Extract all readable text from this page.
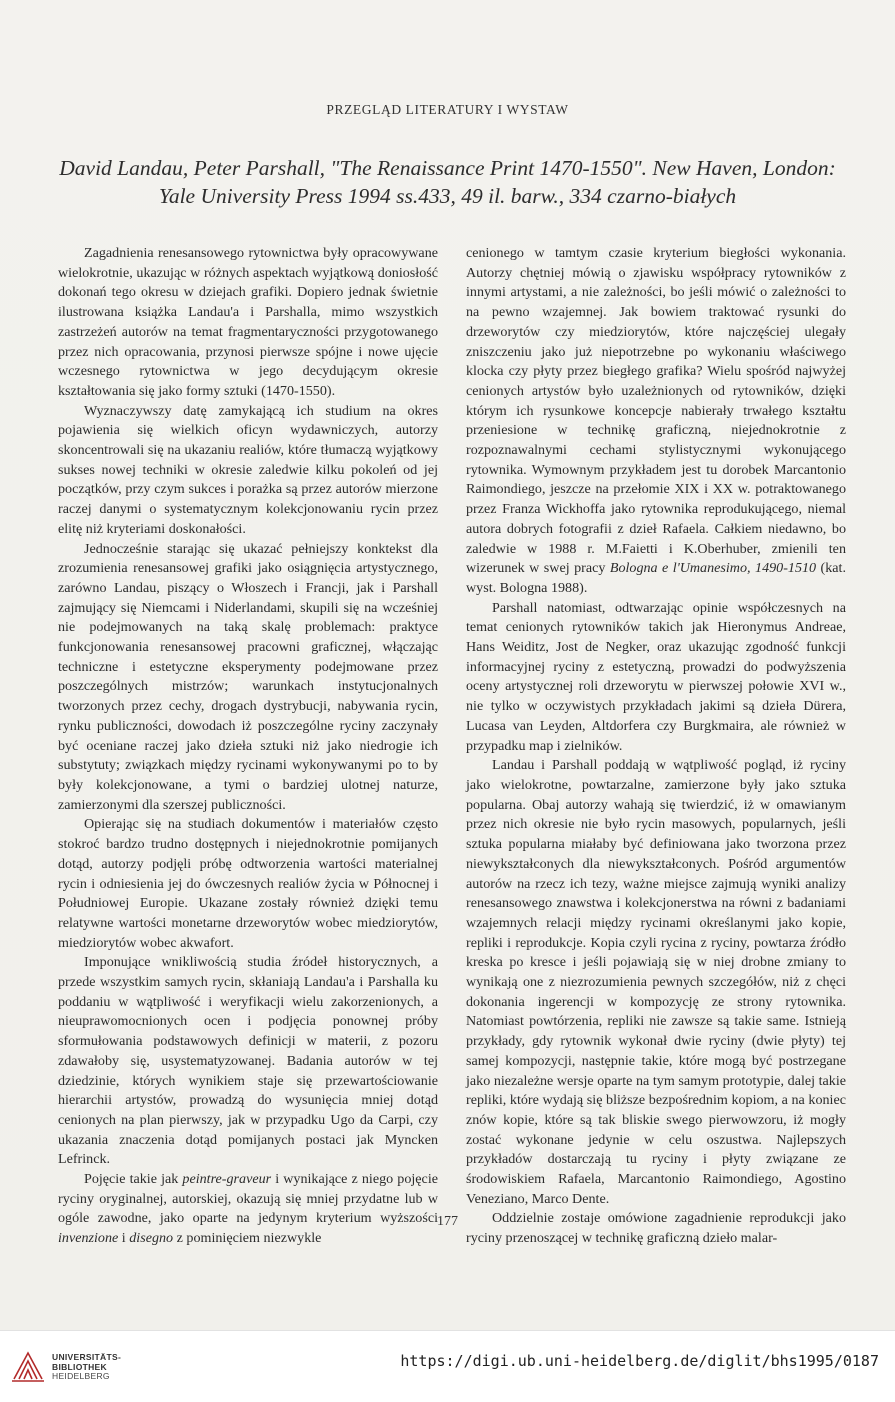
PRZEGLĄD LITERATURY I WYSTAW
David Landau, Peter Parshall, "The Renaissance Print 1470-1550". New Haven, London:
Yale University Press 1994 ss.433, 49 il. barw., 334 czarno-białych

Zagadnienia renesansowego rytownictwa były opracowywane wielokrotnie, ukazując w różnych aspektach wyjątkową doniosłość dokonań tego okresu w dziejach grafiki. Dopiero jednak świetnie ilustrowana książka Landau'a i Parshalla, mimo wszystkich zastrzeżeń autorów na temat fragmentaryczności przygotowanego przez nich opracowania, przynosi pierwsze spójne i nowe ujęcie wczesnego rytownictwa w jego decydującym okresie kształtowania się jako formy sztuki (1470-1550).

Wyznaczywszy datę zamykającą ich studium na okres pojawienia się wielkich oficyn wydawniczych, autorzy skoncentrowali się na ukazaniu realiów, które tłumaczą wyjątkowy sukses nowej techniki w okresie zaledwie kilku pokoleń od jej początków, przy czym sukces i porażka są przez autorów mierzone raczej danymi o systematycznym kolekcjonowaniu rycin przez elitę niż kryteriami doskonałości.

Jednocześnie starając się ukazać pełniejszy konktekst dla zrozumienia renesansowej grafiki jako osiągnięcia artystycznego, zarówno Landau, piszący o Włoszech i Francji, jak i Parshall zajmujący się Niemcami i Niderlandami, skupili się na wcześniej nie podejmowanych na taką skalę problemach: praktyce funkcjonowania renesansowej pracowni graficznej, włączając techniczne i estetyczne eksperymenty podejmowane przez poszczególnych mistrzów; warunkach instytucjonalnych tworzonych przez cechy, drogach dystrybucji, nabywania rycin, rynku publiczności, dowodach iż poszczególne ryciny zaczynały być oceniane raczej jako dzieła sztuki niż jako niedrogie ich substytuty; związkach między rycinami wykonywanymi po to by były kolekcjonowane, a tymi o bardziej ulotnej naturze, zamierzonymi dla szerszej publiczności.

Opierając się na studiach dokumentów i materiałów często stokroć bardzo trudno dostępnych i niejednokrotnie pomijanych dotąd, autorzy podjęli próbę odtworzenia wartości materialnej rycin i odniesienia jej do ówczesnych realiów życia w Północnej i Południowej Europie. Ukazane zostały również dzięki temu relatywne wartości monetarne drzeworytów wobec miedziorytów, miedziorytów wobec akwafort.

Imponujące wnikliwością studia źródeł historycznych, a przede wszystkim samych rycin, skłaniają Landau'a i Parshalla ku poddaniu w wątpliwość i weryfikacji wielu zakorzenionych, a nieuprawomocnionych ocen i podjęcia ponownej próby sformułowania podstawowych definicji w materii, z pozoru zdawałoby się, usystematyzowanej. Badania autorów w tej dziedzinie, których wynikiem staje się przewartościowanie hierarchii artystów, prowadzą do wysunięcia mniej dotąd cenionych na plan pierwszy, jak w przypadku Ugo da Carpi, czy ukazania znaczenia dotąd pomijanych postaci jak Myncken Lefrinck.

Pojęcie takie jak peintre-graveur i wynikające z niego pojęcie ryciny oryginalnej, autorskiej, okazują się mniej przydatne lub w ogóle zawodne, jako oparte na jedynym kryterium wyższości invenzione i disegno z pominięciem niezwykle

cenionego w tamtym czasie kryterium biegłości wykonania. Autorzy chętniej mówią o zjawisku współpracy rytowników z innymi artystami, a nie zależności, bo jeśli mówić o zależności to na pewno wzajemnej. Jak bowiem traktować rysunki do drzeworytów czy miedziorytów, które najczęściej ulegały zniszczeniu jako już niepotrzebne po wykonaniu właściwego klocka czy płyty przez biegłego grafika? Wielu spośród najwyżej cenionych artystów było uzależnionych od rytowników, dzięki którym ich rysunkowe koncepcje nabierały trwałego kształtu przeniesione w technikę graficzną, niejednokrotnie z rozpoznawalnymi cechami stylistycznymi wykonującego rytownika. Wymownym przykładem jest tu dorobek Marcantonio Raimondiego, jeszcze na przełomie XIX i XX w. potraktowanego przez Franza Wickhoffa jako rytownika reprodukującego, niemal autora dobrych fotografii z dzieł Rafaela. Całkiem niedawno, bo zaledwie w 1988 r. M.Faietti i K.Oberhuber, zmienili ten wizerunek w swej pracy Bologna e l'Umanesimo, 1490-1510 (kat. wyst. Bologna 1988).

Parshall natomiast, odtwarzając opinie współczesnych na temat cenionych rytowników takich jak Hieronymus Andreae, Hans Weiditz, Jost de Negker, oraz ukazując zgodność funkcji informacyjnej ryciny z estetyczną, prowadzi do podwyższenia oceny artystycznej roli drzeworytu w pierwszej połowie XVI w., nie tylko w oczywistych przykładach jakimi są dzieła Dürera, Lucasa van Leyden, Altdorfera czy Burgkmaira, ale również w przypadku map i zielników.

Landau i Parshall poddają w wątpliwość pogląd, iż ryciny jako wielokrotne, powtarzalne, zamierzone były jako sztuka popularna. Obaj autorzy wahają się twierdzić, iż w omawianym przez nich okresie nie było rycin masowych, popularnych, jeśli sztuka popularna miałaby być definiowana jako tworzona przez niewykształconych dla niewykształconych. Pośród argumentów autorów na rzecz ich tezy, ważne miejsce zajmują wyniki analizy renesansowego znawstwa i kolekcjonerstwa na równi z badaniami wzajemnych relacji między rycinami określanymi jako kopie, repliki i reprodukcje. Kopia czyli rycina z ryciny, powtarza źródło kreska po kresce i jeśli pojawiają się w niej drobne zmiany to wynikają one z niezrozumienia pewnych szczegółów, niż z chęci dokonania ingerencji w kompozycję ze strony rytownika. Natomiast powtórzenia, repliki nie zawsze są takie same. Istnieją przykłady, gdy rytownik wykonał dwie ryciny (dwie płyty) tej samej kompozycji, następnie takie, które mogą być postrzegane jako niezależne wersje oparte na tym samym prototypie, dalej takie repliki, które wydają się bliższe bezpośrednim kopiom, a na koniec znów kopie, które są tak bliskie swego pierwowzoru, iż mogły zostać wykonane jedynie w celu oszustwa. Najlepszych przykładów dostarczają tu ryciny i płyty związane ze środowiskiem Rafaela, Marcantonio Raimondiego, Agostino Veneziano, Marco Dente.

Oddzielnie zostaje omówione zagadnienie reprodukcji jako ryciny przenoszącej w technikę graficzną dzieło malar-

177
UNIVERSITÄTS-
BIBLIOTHEK
HEIDELBERG
https://digi.ub.uni-heidelberg.de/diglit/bhs1995/0187
